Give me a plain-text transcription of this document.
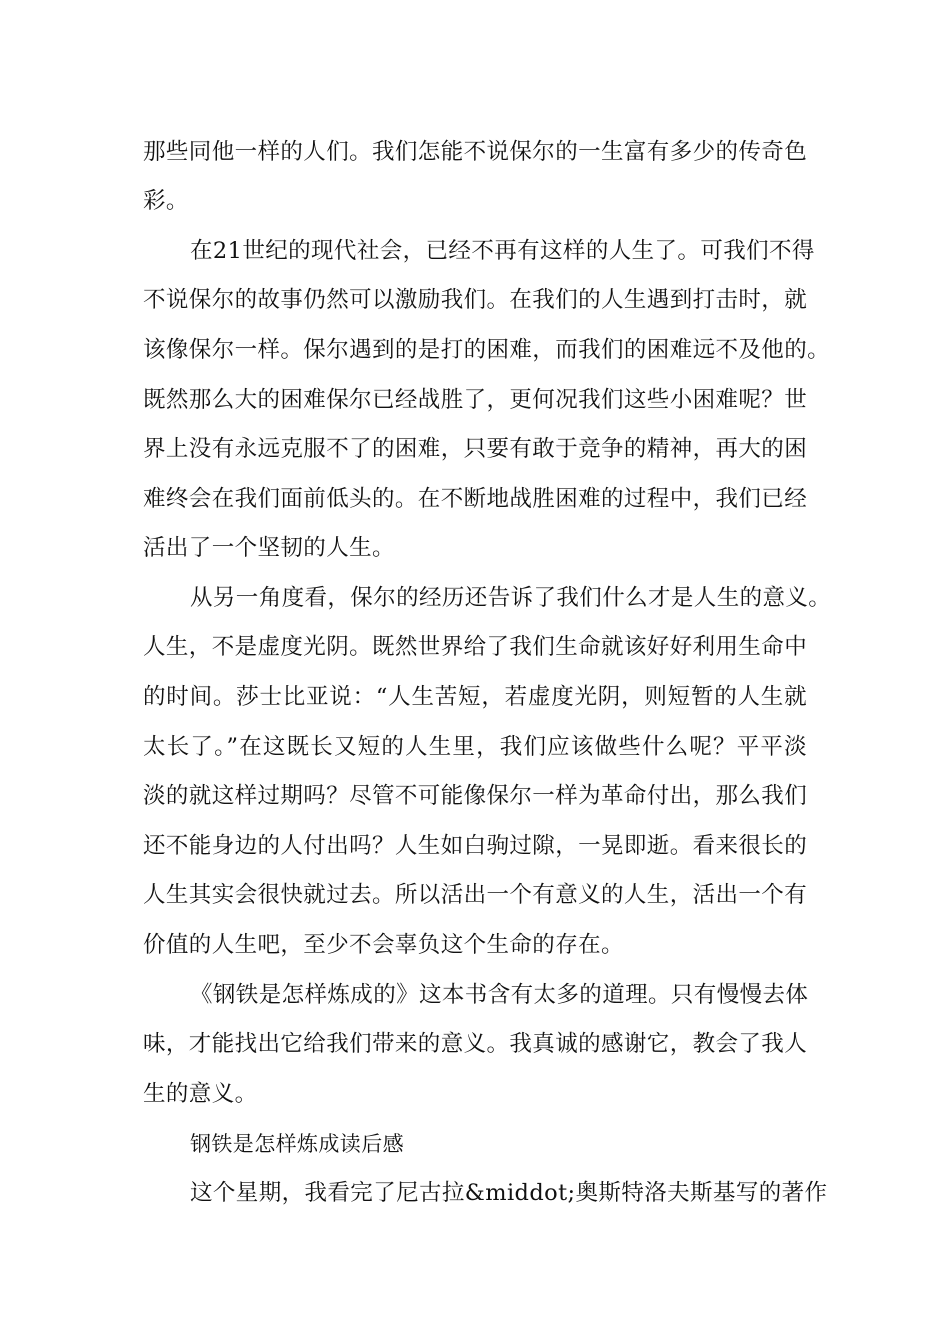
那些同他一样的人们。我们怎能不说保尔的一生富有多少的传奇色
彩。
在21世纪的现代社会，已经不再有这样的人生了。可我们不得
不说保尔的故事仍然可以激励我们。在我们的人生遇到打击时，就
该像保尔一样。保尔遇到的是打的困难，而我们的困难远不及他的。
既然那么大的困难保尔已经战胜了，更何况我们这些小困难呢？世
界上没有永远克服不了的困难，只要有敢于竞争的精神，再大的困
难终会在我们面前低头的。在不断地战胜困难的过程中，我们已经
活出了一个坚韧的人生。
从另一角度看，保尔的经历还告诉了我们什么才是人生的意义。
人生，不是虚度光阴。既然世界给了我们生命就该好好利用生命中
的时间。莎士比亚说：“人生苦短，若虚度光阴，则短暂的人生就
太长了。”在这既长又短的人生里，我们应该做些什么呢？平平淡
淡的就这样过期吗？尽管不可能像保尔一样为革命付出，那么我们
还不能身边的人付出吗？人生如白驹过隙，一晃即逝。看来很长的
人生其实会很快就过去。所以活出一个有意义的人生，活出一个有
价值的人生吧，至少不会辜负这个生命的存在。
《钢铁是怎样炼成的》这本书含有太多的道理。只有慢慢去体
味，才能找出它给我们带来的意义。我真诚的感谢它，教会了我人
生的意义。
钢铁是怎样炼成读后感
这个星期，我看完了尼古拉&middot;奥斯特洛夫斯基写的著作
